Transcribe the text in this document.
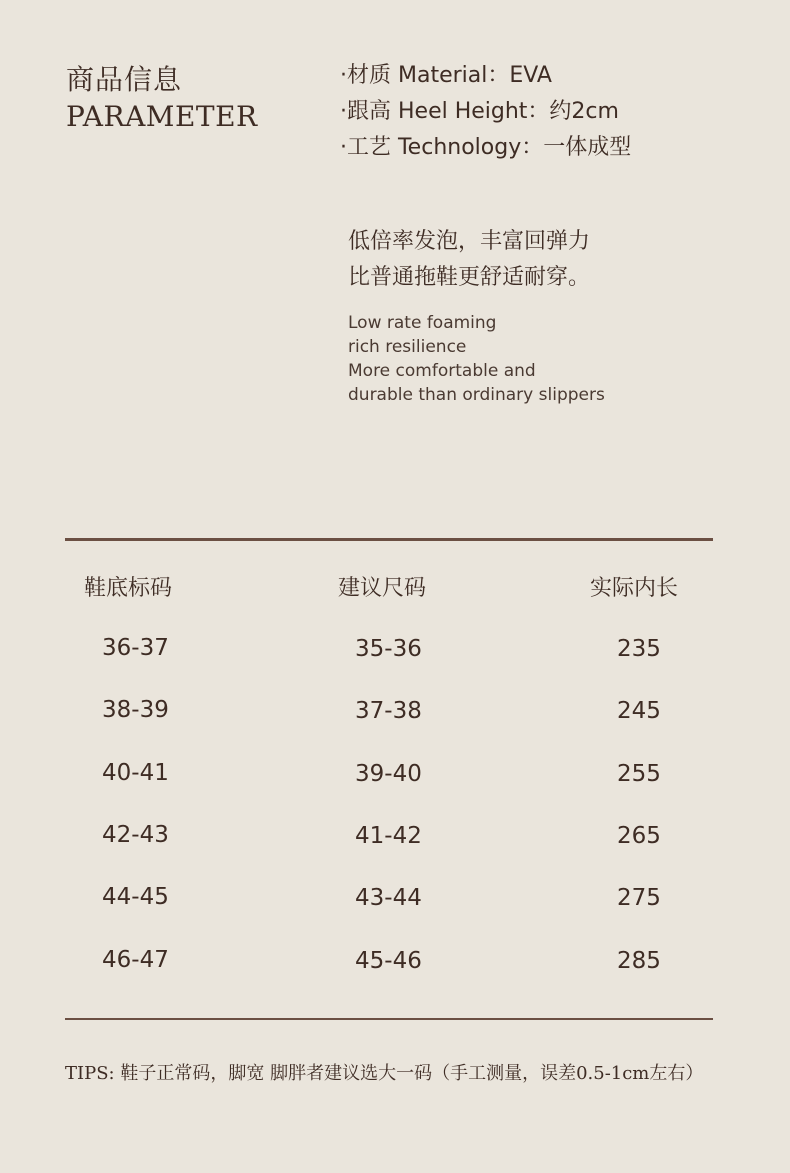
商品信息
PARAMETER
·材质 Material：EVA
·跟高 Heel Height：约2cm
·工艺 Technology：一体成型
低倍率发泡，丰富回弹力
比普通拖鞋更舒适耐穿。
Low rate foaming
rich resilience
More comfortable and
durable than ordinary slippers
鞋底标码	建议尺码	实际内长
36-37	35-36	235
38-39	37-38	245
40-41	39-40	255
42-43	41-42	265
44-45	43-44	275
46-47	45-46	285
TIPS: 鞋子正常码，脚宽 脚胖者建议选大一码（手工测量，误差0.5-1cm左右）
